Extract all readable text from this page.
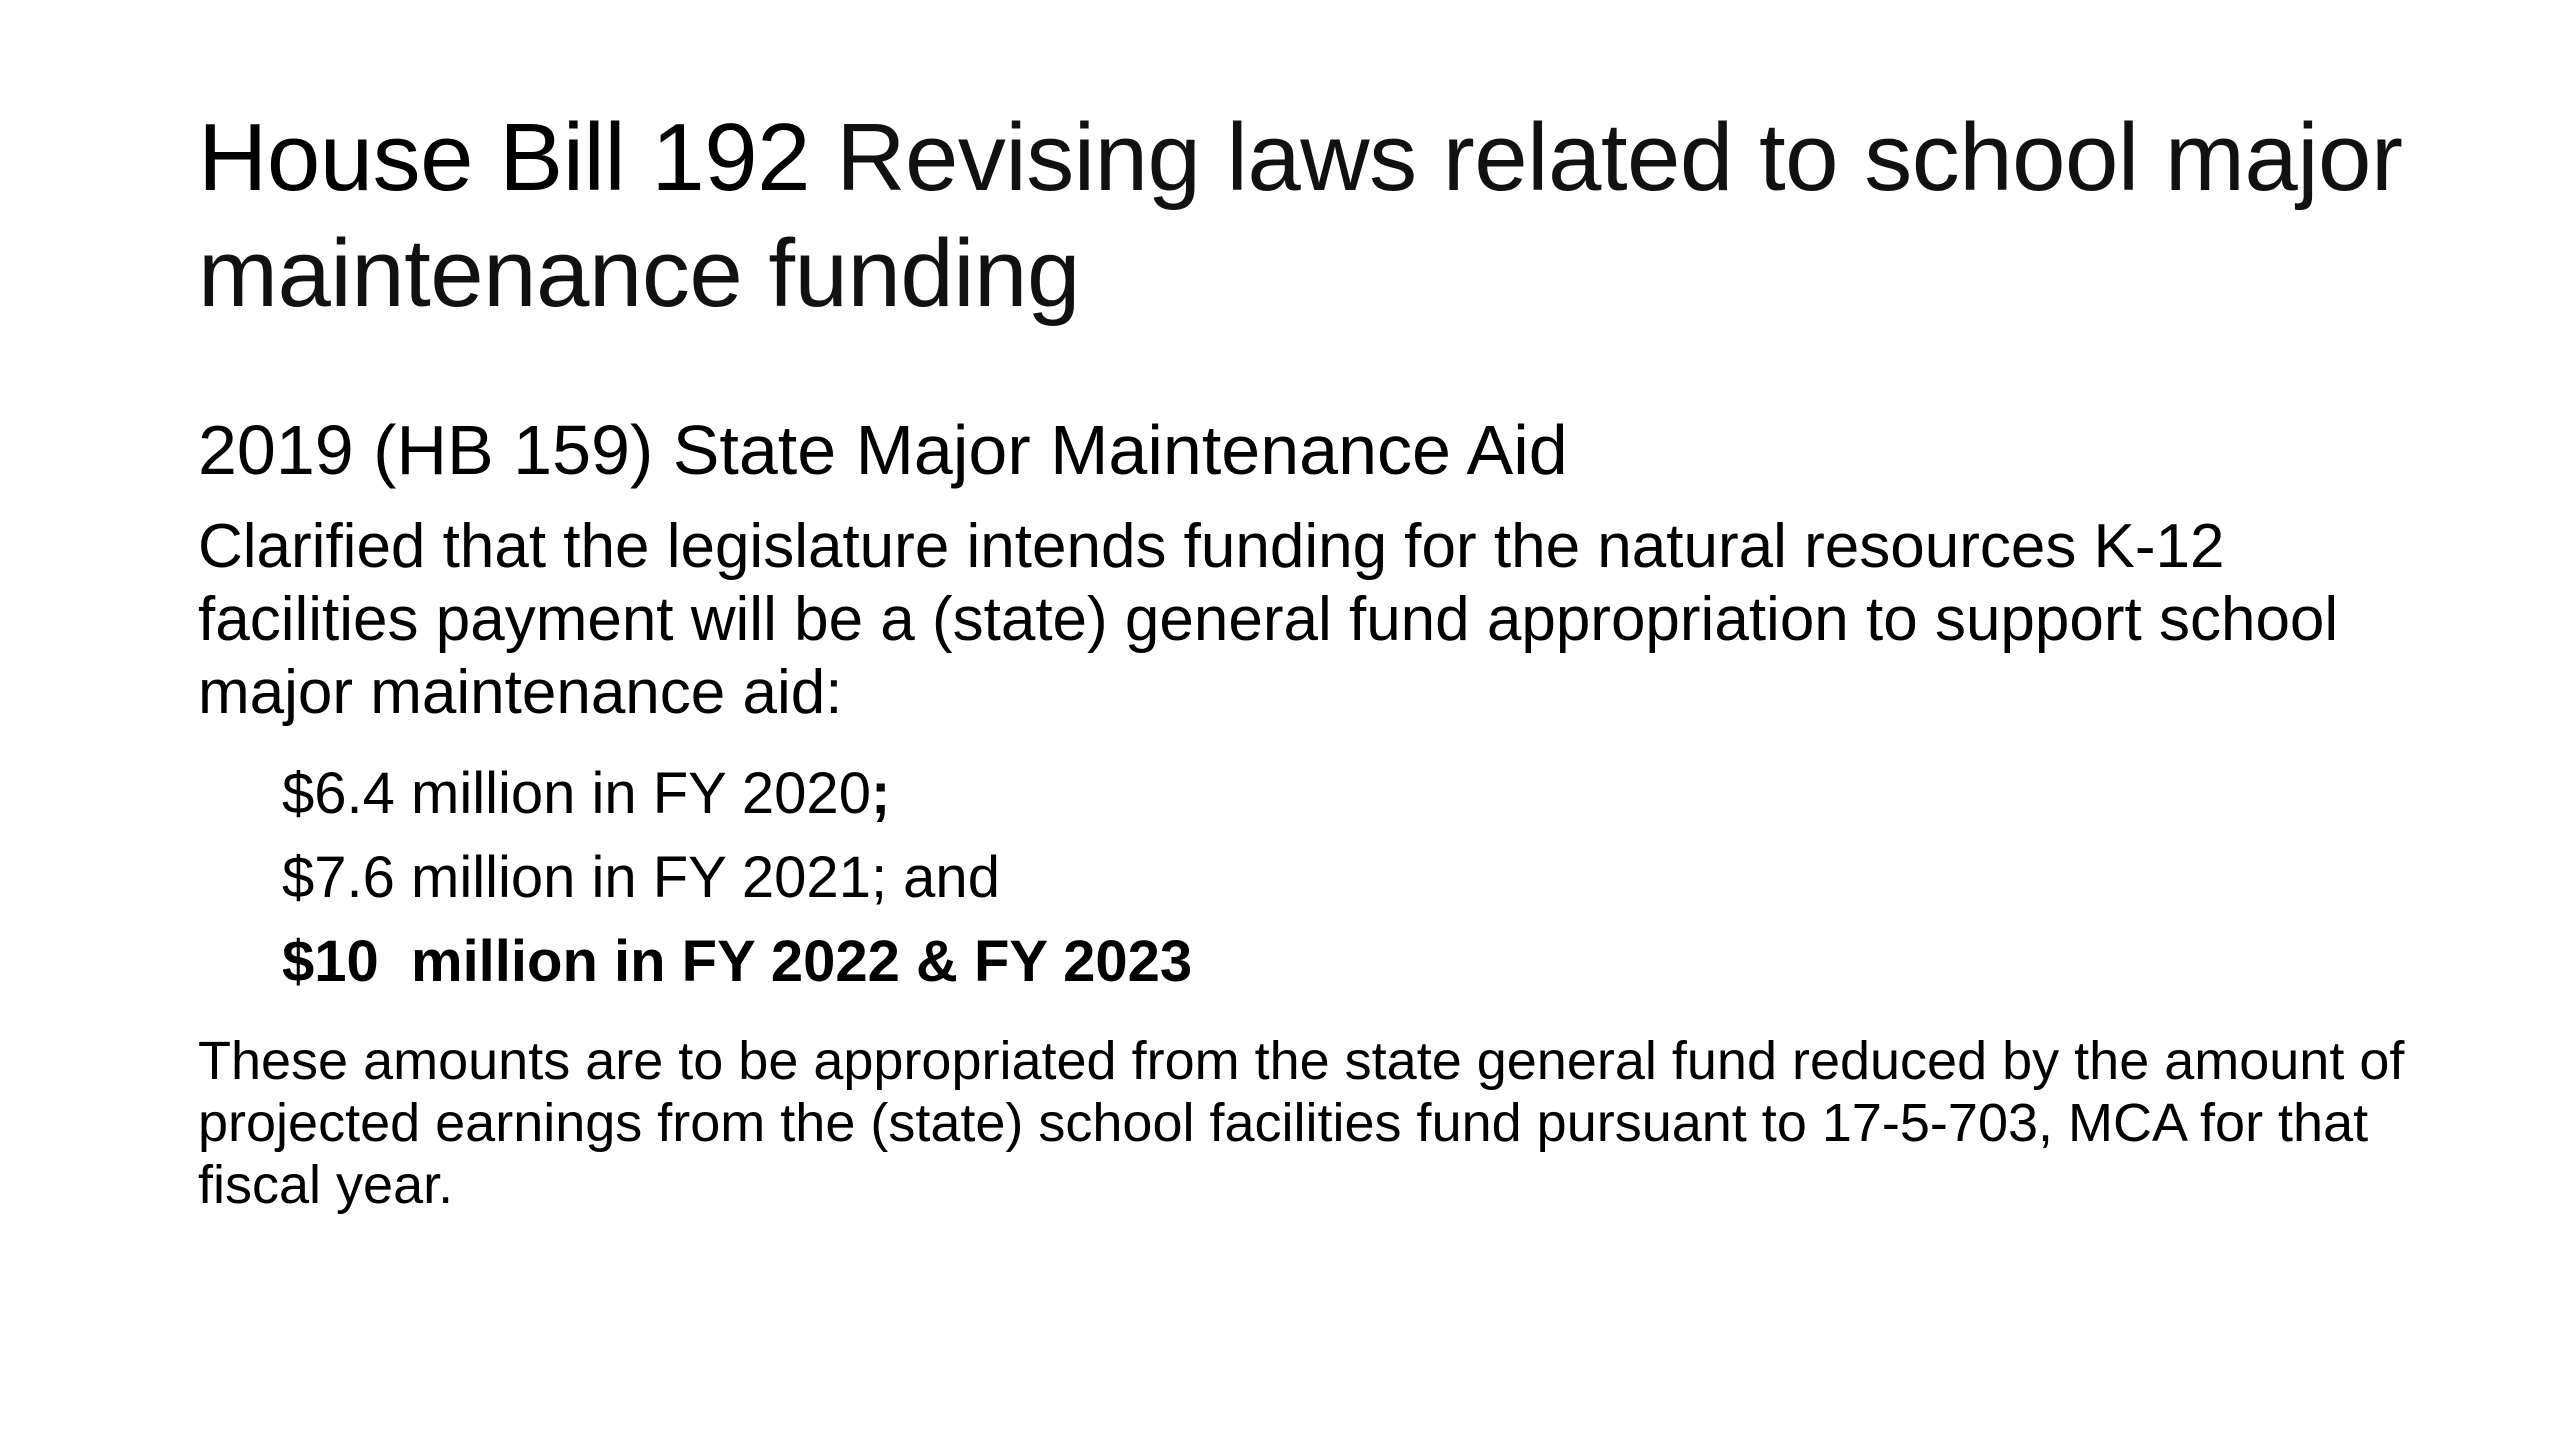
House Bill 192 Revising laws related to school major maintenance funding
2019 (HB 159) State Major Maintenance Aid
Clarified that the legislature intends funding for the natural resources K-12 facilities payment will be a (state) general fund appropriation to support school major maintenance aid:
$6.4 million in FY 2020;
$7.6 million in FY 2021; and
$10  million in FY 2022 & FY 2023
These amounts are to be appropriated from the state general fund reduced by the amount of projected earnings from the (state) school facilities fund pursuant to 17-5-703, MCA for that fiscal year.
